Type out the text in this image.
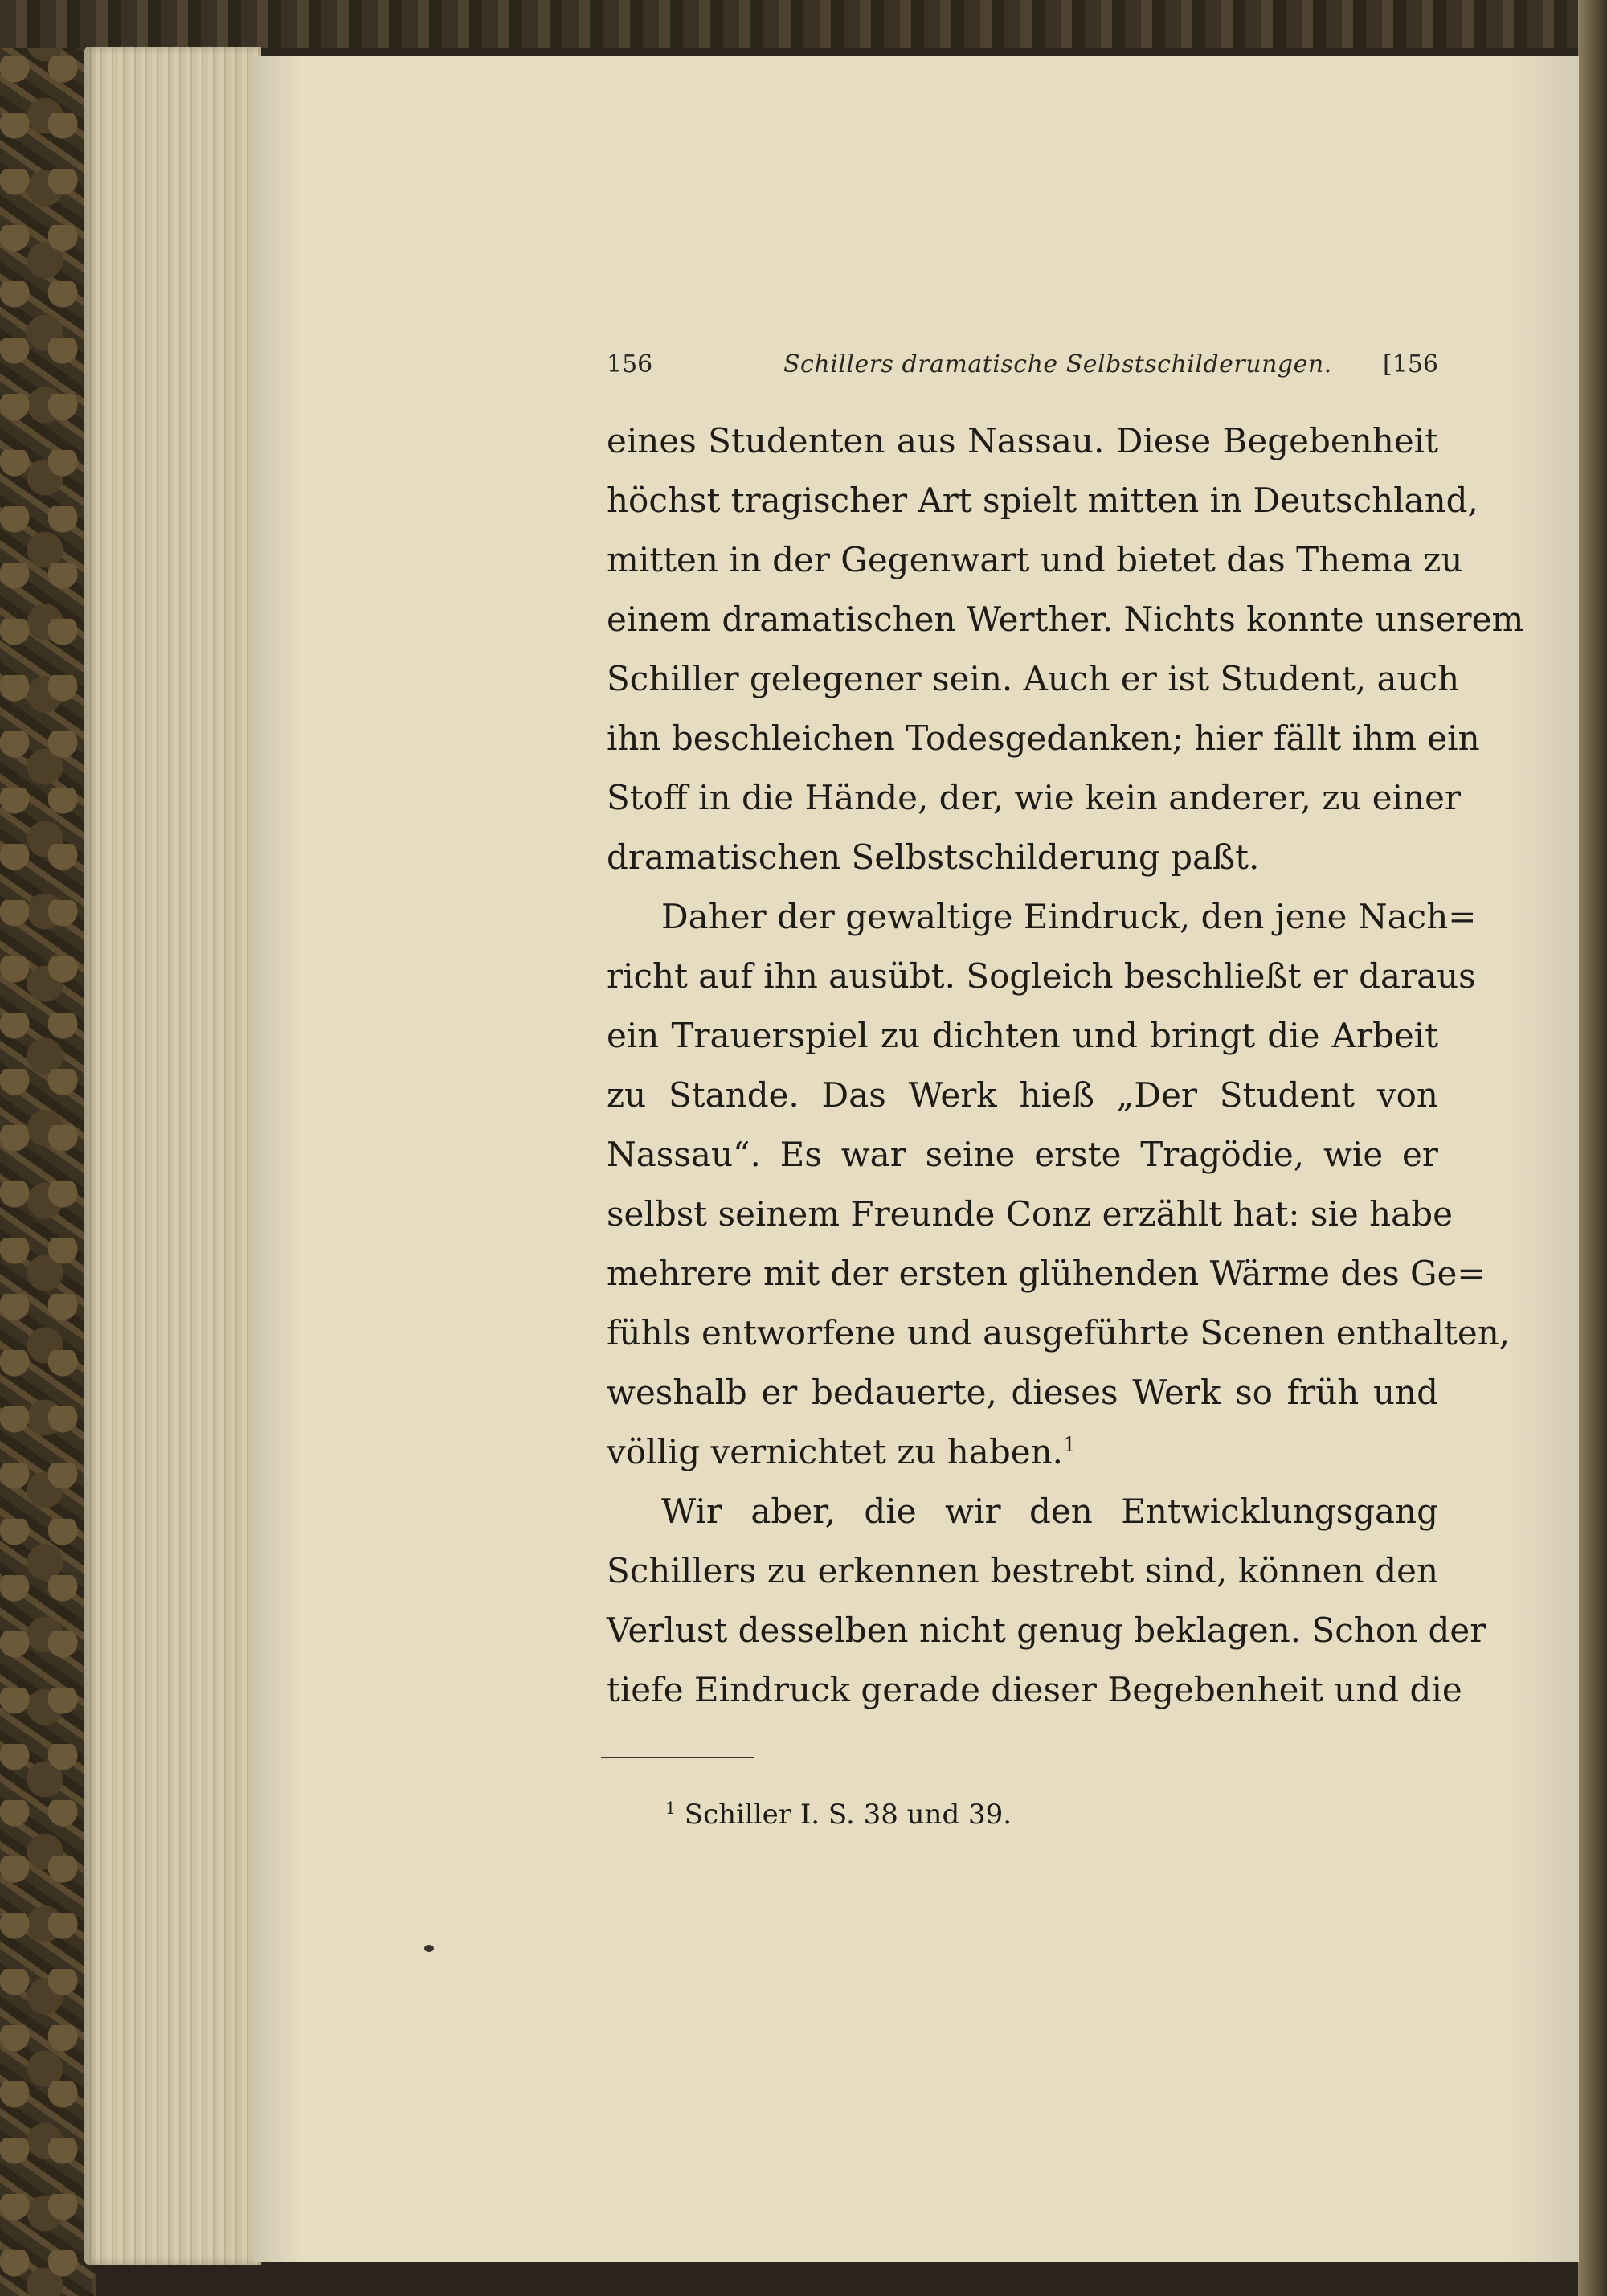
156	Schillers dramatische Selbstschilderungen. [156
eines Studenten aus Nassau. Diese Begebenheit
höchst tragischer Art spielt mitten in Deutschland,
mitten in der Gegenwart und bietet das Thema zu
einem dramatischen Werther. Nichts konnte unserem
Schiller gelegener sein. Auch er ist Student, auch
ihn beschleichen Todesgedanken; hier fällt ihm ein
Stoff in die Hände, der, wie kein anderer, zu einer
dramatischen Selbstschilderung paßt.
Daher der gewaltige Eindruck, den jene Nach=
richt auf ihn ausübt. Sogleich beschließt er daraus
ein Trauerspiel zu dichten und bringt die Arbeit
zu Stande. Das Werk hieß „Der Student von
Nassau“. Es war seine erste Tragödie, wie er
selbst seinem Freunde Conz erzählt hat: sie habe
mehrere mit der ersten glühenden Wärme des Ge=
fühls entworfene und ausgeführte Scenen enthalten,
weshalb er bedauerte, dieses Werk so früh und
völlig vernichtet zu haben.$^1$
Wir aber, die wir den Entwicklungsgang
Schillers zu erkennen bestrebt sind, können den
Verlust desselben nicht genug beklagen. Schon der
tiefe Eindruck gerade dieser Begebenheit und die
$^1$ Schiller I. S. 38 und 39.
